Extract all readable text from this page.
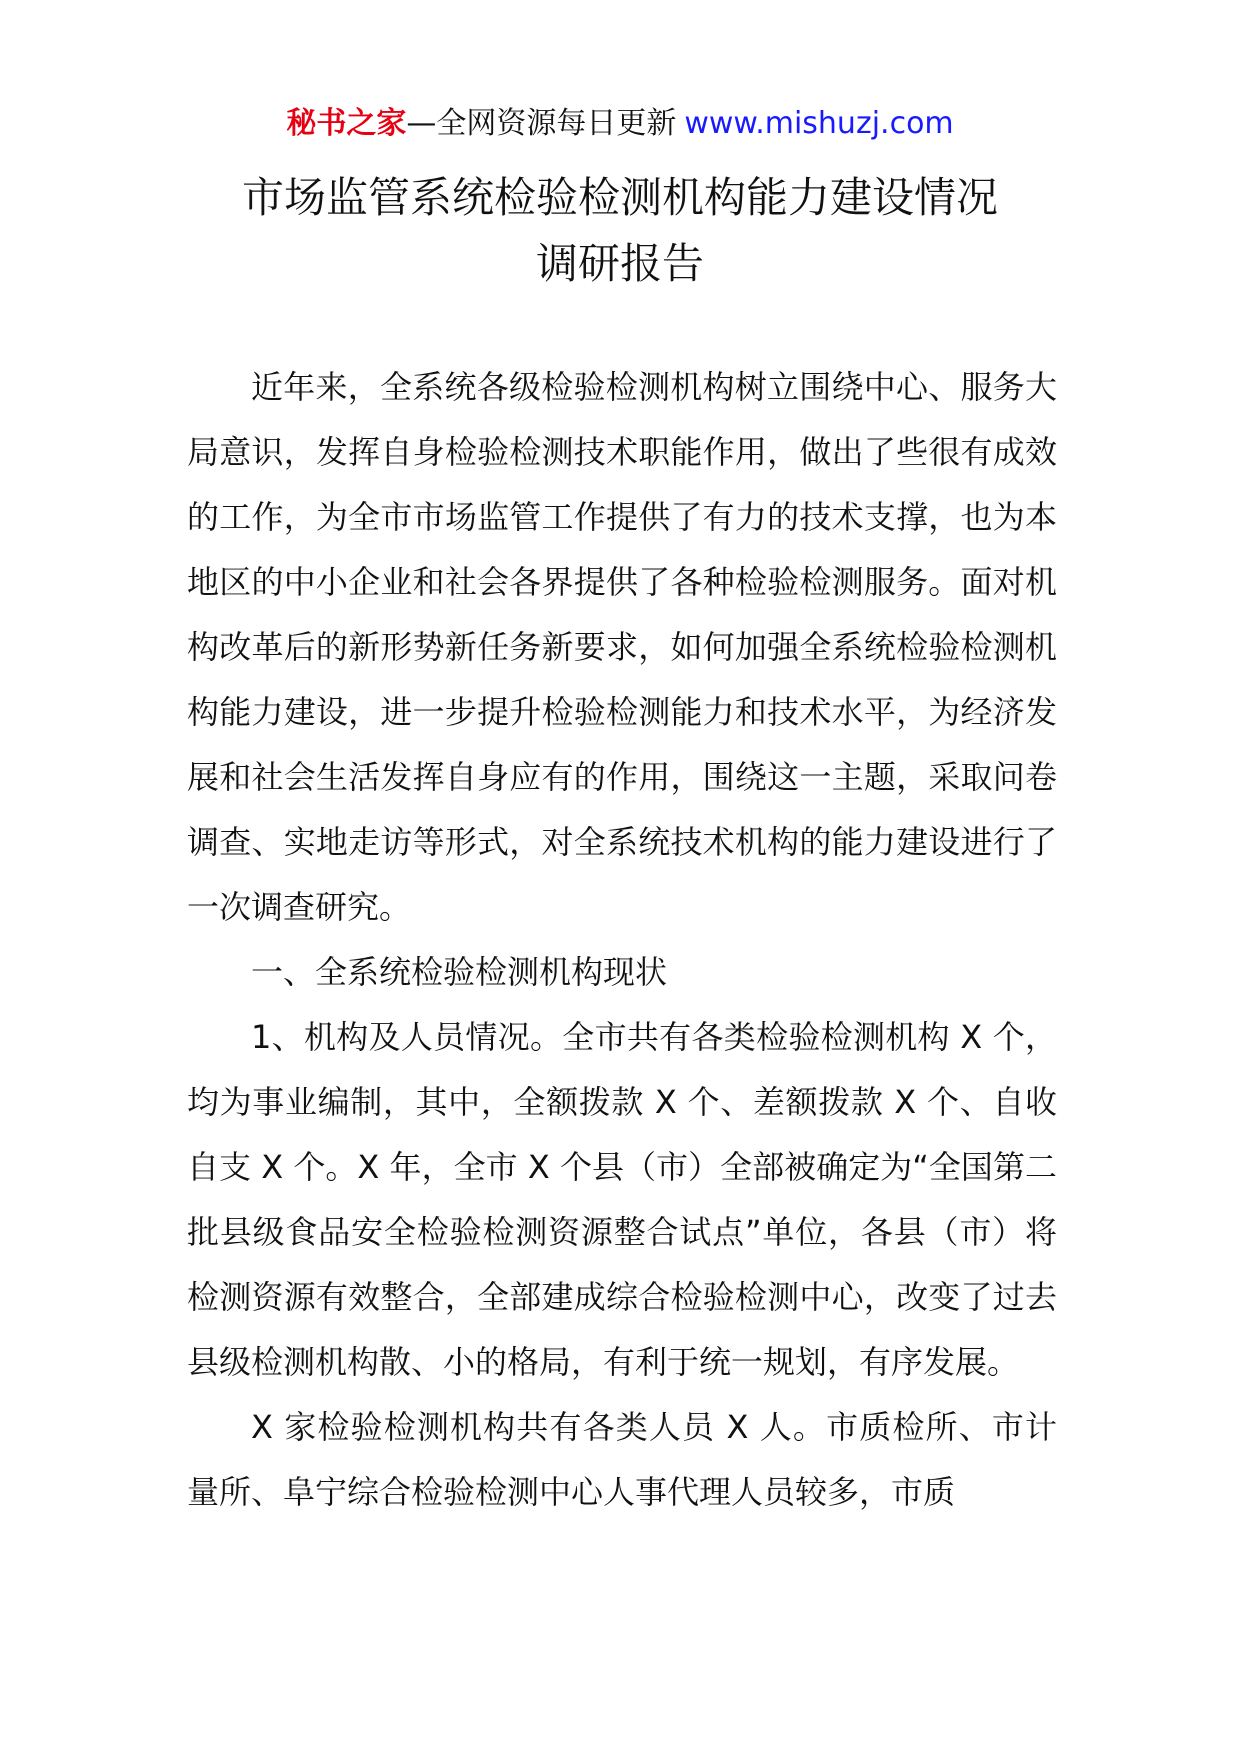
秘书之家—全网资源每日更新 www.mishuzj.com
市场监管系统检验检测机构能力建设情况
调研报告

近年来，全系统各级检验检测机构树立围绕中心、服务大局意识，发挥自身检验检测技术职能作用，做出了些很有成效的工作，为全市市场监管工作提供了有力的技术支撑，也为本地区的中小企业和社会各界提供了各种检验检测服务。面对机构改革后的新形势新任务新要求，如何加强全系统检验检测机构能力建设，进一步提升检验检测能力和技术水平，为经济发展和社会生活发挥自身应有的作用，围绕这一主题，采取问卷调查、实地走访等形式，对全系统技术机构的能力建设进行了一次调查研究。

一、全系统检验检测机构现状

1、机构及人员情况。全市共有各类检验检测机构 X 个，均为事业编制，其中，全额拨款 X 个、差额拨款 X 个、自收自支 X 个。X 年，全市 X 个县（市）全部被确定为“全国第二批县级食品安全检验检测资源整合试点”单位，各县（市）将检测资源有效整合，全部建成综合检验检测中心，改变了过去县级检测机构散、小的格局，有利于统一规划，有序发展。

X 家检验检测机构共有各类人员 X 人。市质检所、市计量所、阜宁综合检验检测中心人事代理人员较多，市质
